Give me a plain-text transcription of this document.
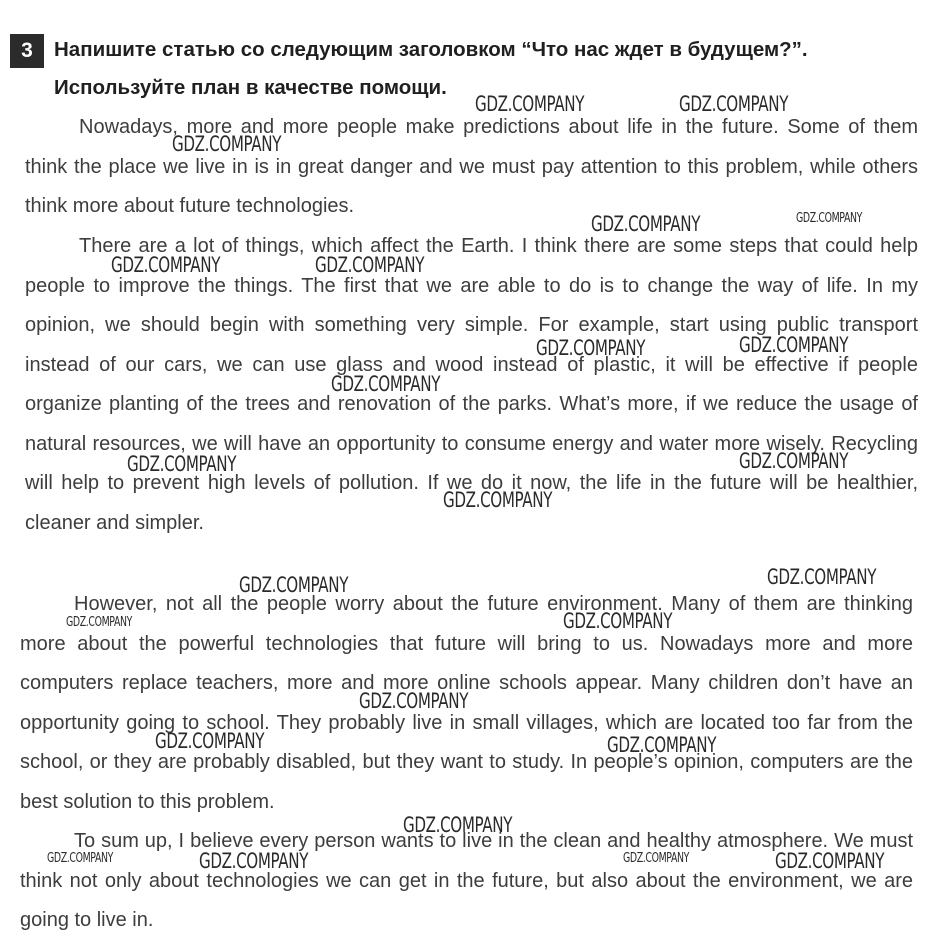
3	Напишите статью со следующим заголовком “Что нас ждет в будущем?”.
Используйте план в качестве помощи.

Nowadays, more and more people make predictions about life in the future. Some of them think the place we live in is in great danger and we must pay attention to this problem, while others think more about future technologies.

There are a lot of things, which affect the Earth. I think there are some steps that could help people to improve the things. The first that we are able to do is to change the way of life. In my opinion, we should begin with something very simple. For example, start using public transport instead of our cars, we can use glass and wood instead of plastic, it will be effective if people organize planting of the trees and renovation of the parks. What’s more, if we reduce the usage of natural resources, we will have an opportunity to consume energy and water more wisely. Recycling will help to prevent high levels of pollution. If we do it now, the life in the future will be healthier, cleaner and simpler.

However, not all the people worry about the future environment. Many of them are thinking more about the powerful technologies that future will bring to us. Nowadays more and more computers replace teachers, more and more online schools appear. Many children don’t have an opportunity going to school. They probably live in small villages, which are located too far from the school, or they are probably disabled, but they want to study. In people’s opinion, computers are the best solution to this problem.

To sum up, I believe every person wants to live in the clean and healthy atmosphere. We must think not only about technologies we can get in the future, but also about the environment, we are going to live in.

GDZ.COMPANY	GDZ.COMPANY
GDZ.COMPANY
GDZ.COMPANY	GDZ.COMPANY
GDZ.COMPANY	GDZ.COMPANY
GDZ.COMPANY	GDZ.COMPANY
GDZ.COMPANY
GDZ.COMPANY	GDZ.COMPANY
GDZ.COMPANY
GDZ.COMPANY	GDZ.COMPANY
GDZ.COMPANY	GDZ.COMPANY
GDZ.COMPANY
GDZ.COMPANY	GDZ.COMPANY
GDZ.COMPANY
GDZ.COMPANY	GDZ.COMPANY	GDZ.COMPANY	GDZ.COMPANY
